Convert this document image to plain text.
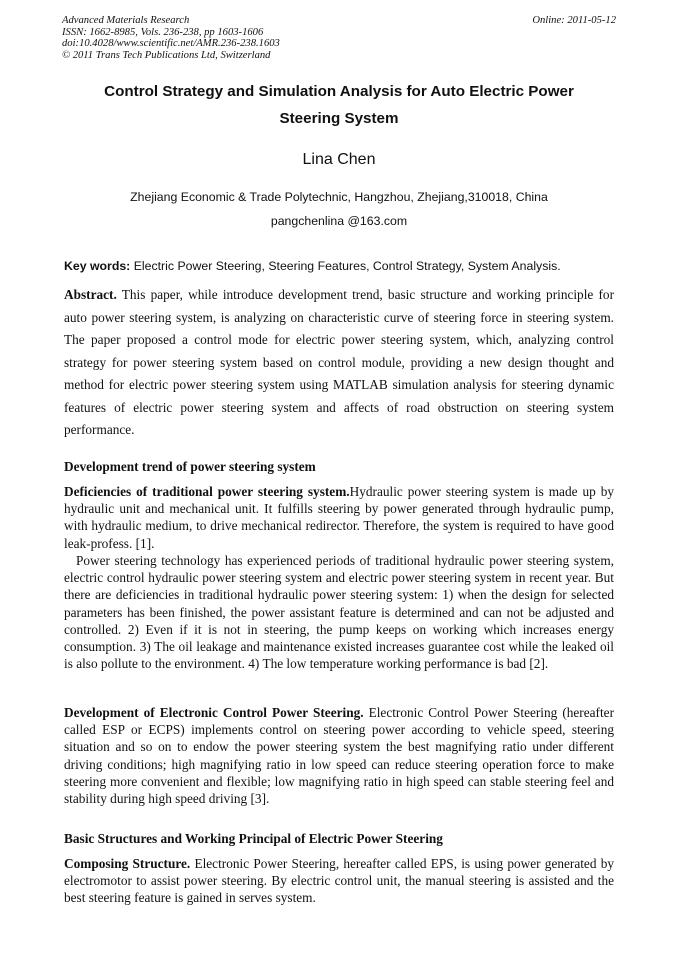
Advanced Materials Research
ISSN: 1662-8985, Vols. 236-238, pp 1603-1606
doi:10.4028/www.scientific.net/AMR.236-238.1603
© 2011 Trans Tech Publications Ltd, Switzerland
Online: 2011-05-12
Control Strategy and Simulation Analysis for Auto Electric Power
Steering System
Lina Chen
Zhejiang Economic & Trade Polytechnic, Hangzhou, Zhejiang,310018, China
pangchenlina @163.com
Key words: Electric Power Steering, Steering Features, Control Strategy, System Analysis.

Abstract. This paper, while introduce development trend, basic structure and working principle for auto power steering system, is analyzing on characteristic curve of steering force in steering system. The paper proposed a control mode for electric power steering system, which, analyzing control strategy for power steering system based on control module, providing a new design thought and method for electric power steering system using MATLAB simulation analysis for steering dynamic features of electric power steering system and affects of road obstruction on steering system performance.

Development trend of power steering system

Deficiencies of traditional power steering system.Hydraulic power steering system is made up by hydraulic unit and mechanical unit. It fulfills steering by power generated through hydraulic pump, with hydraulic medium, to drive mechanical redirector. Therefore, the system is required to have good leak-profess. [1].

Power steering technology has experienced periods of traditional hydraulic power steering system, electric control hydraulic power steering system and electric power steering system in recent year. But there are deficiencies in traditional hydraulic power steering system: 1) when the design for selected parameters has been finished, the power assistant feature is determined and can not be adjusted and controlled. 2) Even if it is not in steering, the pump keeps on working which increases energy consumption. 3) The oil leakage and maintenance existed increases guarantee cost while the leaked oil is also pollute to the environment. 4) The low temperature working performance is bad [2].

Development of Electronic Control Power Steering. Electronic Control Power Steering (hereafter called ESP or ECPS) implements control on steering power according to vehicle speed, steering situation and so on to endow the power steering system the best magnifying ratio under different driving conditions; high magnifying ratio in low speed can reduce steering operation force to make steering more convenient and flexible; low magnifying ratio in high speed can stable steering feel and stability during high speed driving [3].

Basic Structures and Working Principal of Electric Power Steering

Composing Structure. Electronic Power Steering, hereafter called EPS, is using power generated by electromotor to assist power steering. By electric control unit, the manual steering is assisted and the best steering feature is gained in serves system.
